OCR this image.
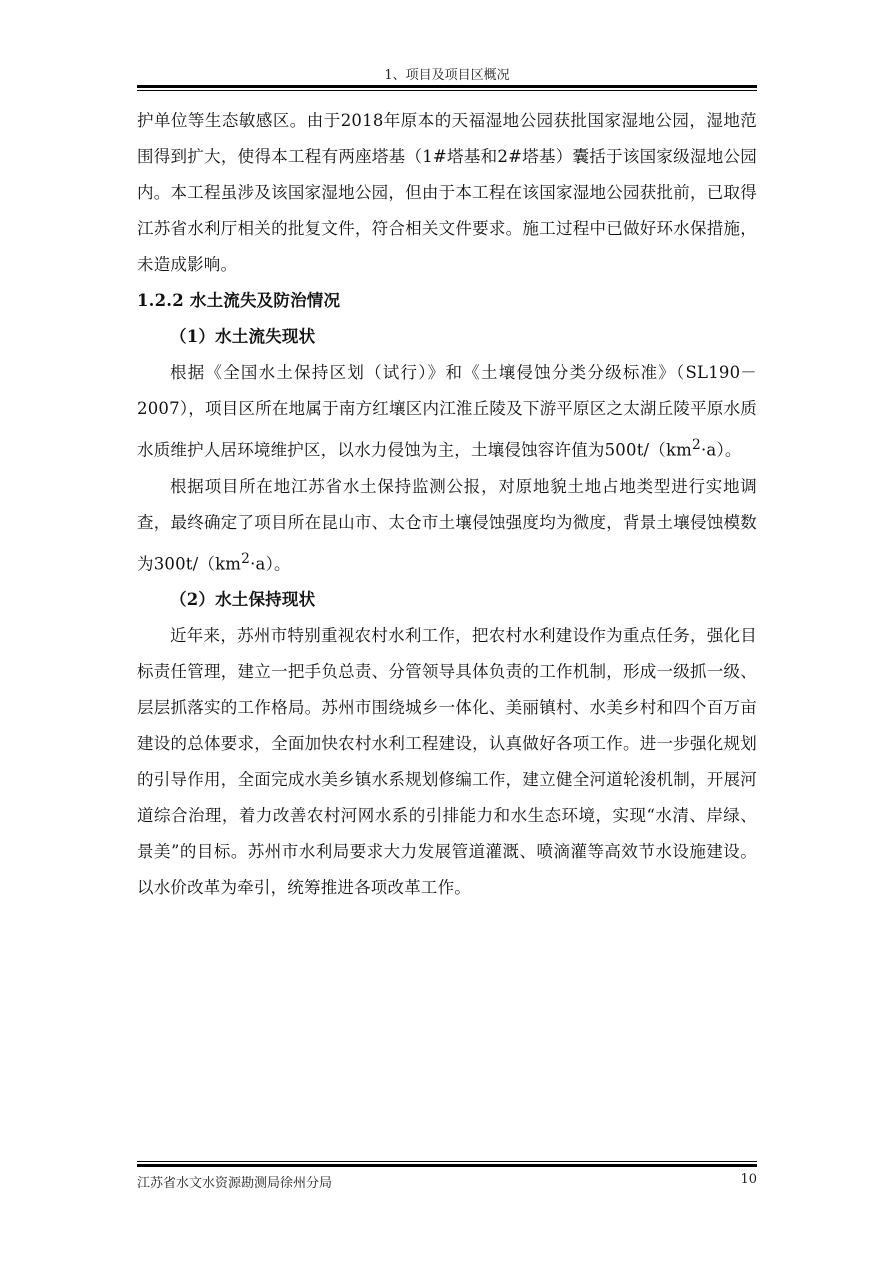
1、项目及项目区概况

护单位等生态敏感区。由于2018年原本的天福湿地公园获批国家湿地公园，湿地范围得到扩大，使得本工程有两座塔基（1#塔基和2#塔基）囊括于该国家级湿地公园内。本工程虽涉及该国家湿地公园，但由于本工程在该国家湿地公园获批前，已取得江苏省水利厅相关的批复文件，符合相关文件要求。施工过程中已做好环水保措施，未造成影响。

1.2.2 水土流失及防治情况

（1）水土流失现状

根据《全国水土保持区划（试行）》和《土壤侵蚀分类分级标准》（SL190－2007），项目区所在地属于南方红壤区内江淮丘陵及下游平原区之太湖丘陵平原水质水质维护人居环境维护区，以水力侵蚀为主，土壤侵蚀容许值为$500t/(km^2\cdot a)$。

根据项目所在地江苏省水土保持监测公报，对原地貌土地占地类型进行实地调查，最终确定了项目所在昆山市、太仓市土壤侵蚀强度均为微度，背景土壤侵蚀模数为$300t/(km^2\cdot a)$。

（2）水土保持现状

近年来，苏州市特别重视农村水利工作，把农村水利建设作为重点任务，强化目标责任管理，建立一把手负总责、分管领导具体负责的工作机制，形成一级抓一级、层层抓落实的工作格局。苏州市围绕城乡一体化、美丽镇村、水美乡村和四个百万亩建设的总体要求，全面加快农村水利工程建设，认真做好各项工作。进一步强化规划的引导作用，全面完成水美乡镇水系规划修编工作，建立健全河道轮浚机制，开展河道综合治理，着力改善农村河网水系的引排能力和水生态环境，实现“水清、岸绿、景美”的目标。苏州市水利局要求大力发展管道灌溉、喷滴灌等高效节水设施建设。以水价改革为牵引，统筹推进各项改革工作。

江苏省水文水资源勘测局徐州分局	10
